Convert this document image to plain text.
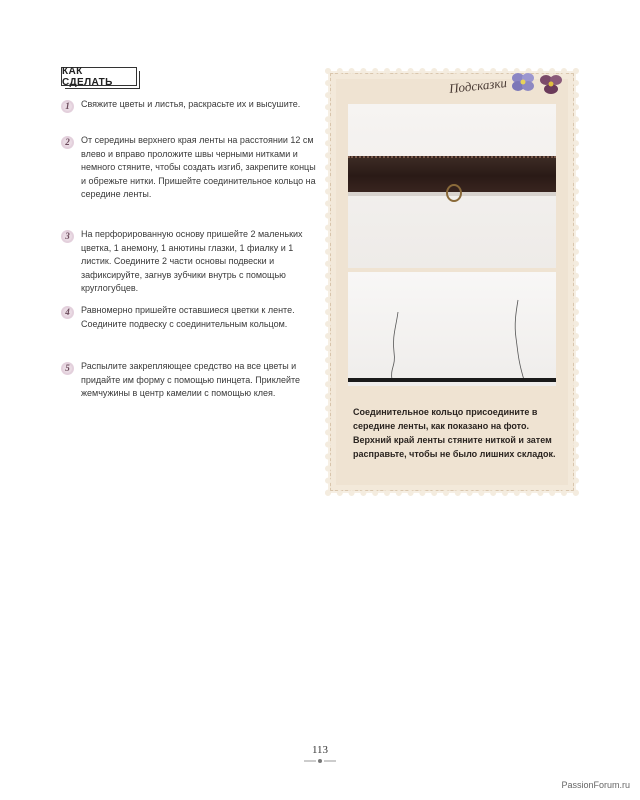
КАК СДЕЛАТЬ
1	Свяжите цветы и листья, раскрасьте их и высушите.

2	От середины верхнего края ленты на расстоянии 12 см влево и вправо проложите швы черными нитками и немного стяните, чтобы создать изгиб, закрепите концы и обрежьте нитки. Пришейте соединительное кольцо на середине ленты.

3	На перфорированную основу пришейте 2 маленьких цветка, 1 анемону, 1 анютины глазки, 1 фиалку и 1 листик. Соедините 2 части основы подвески и зафиксируйте, загнув зубчики внутрь с помощью круглогубцев.

4	Равномерно пришейте оставшиеся цветки к ленте. Соедините подвеску с соединительным кольцом.

5	Распылите закрепляющее средство на все цветы и придайте им форму с помощью пинцета. Приклейте жемчужины в центр камелии с помощью клея.

Подсказки

Соединительное кольцо присоедините в середине ленты, как показано на фото. Верхний край ленты стяните ниткой и затем расправьте, чтобы не было лишних складок.

113
PassionForum.ru
